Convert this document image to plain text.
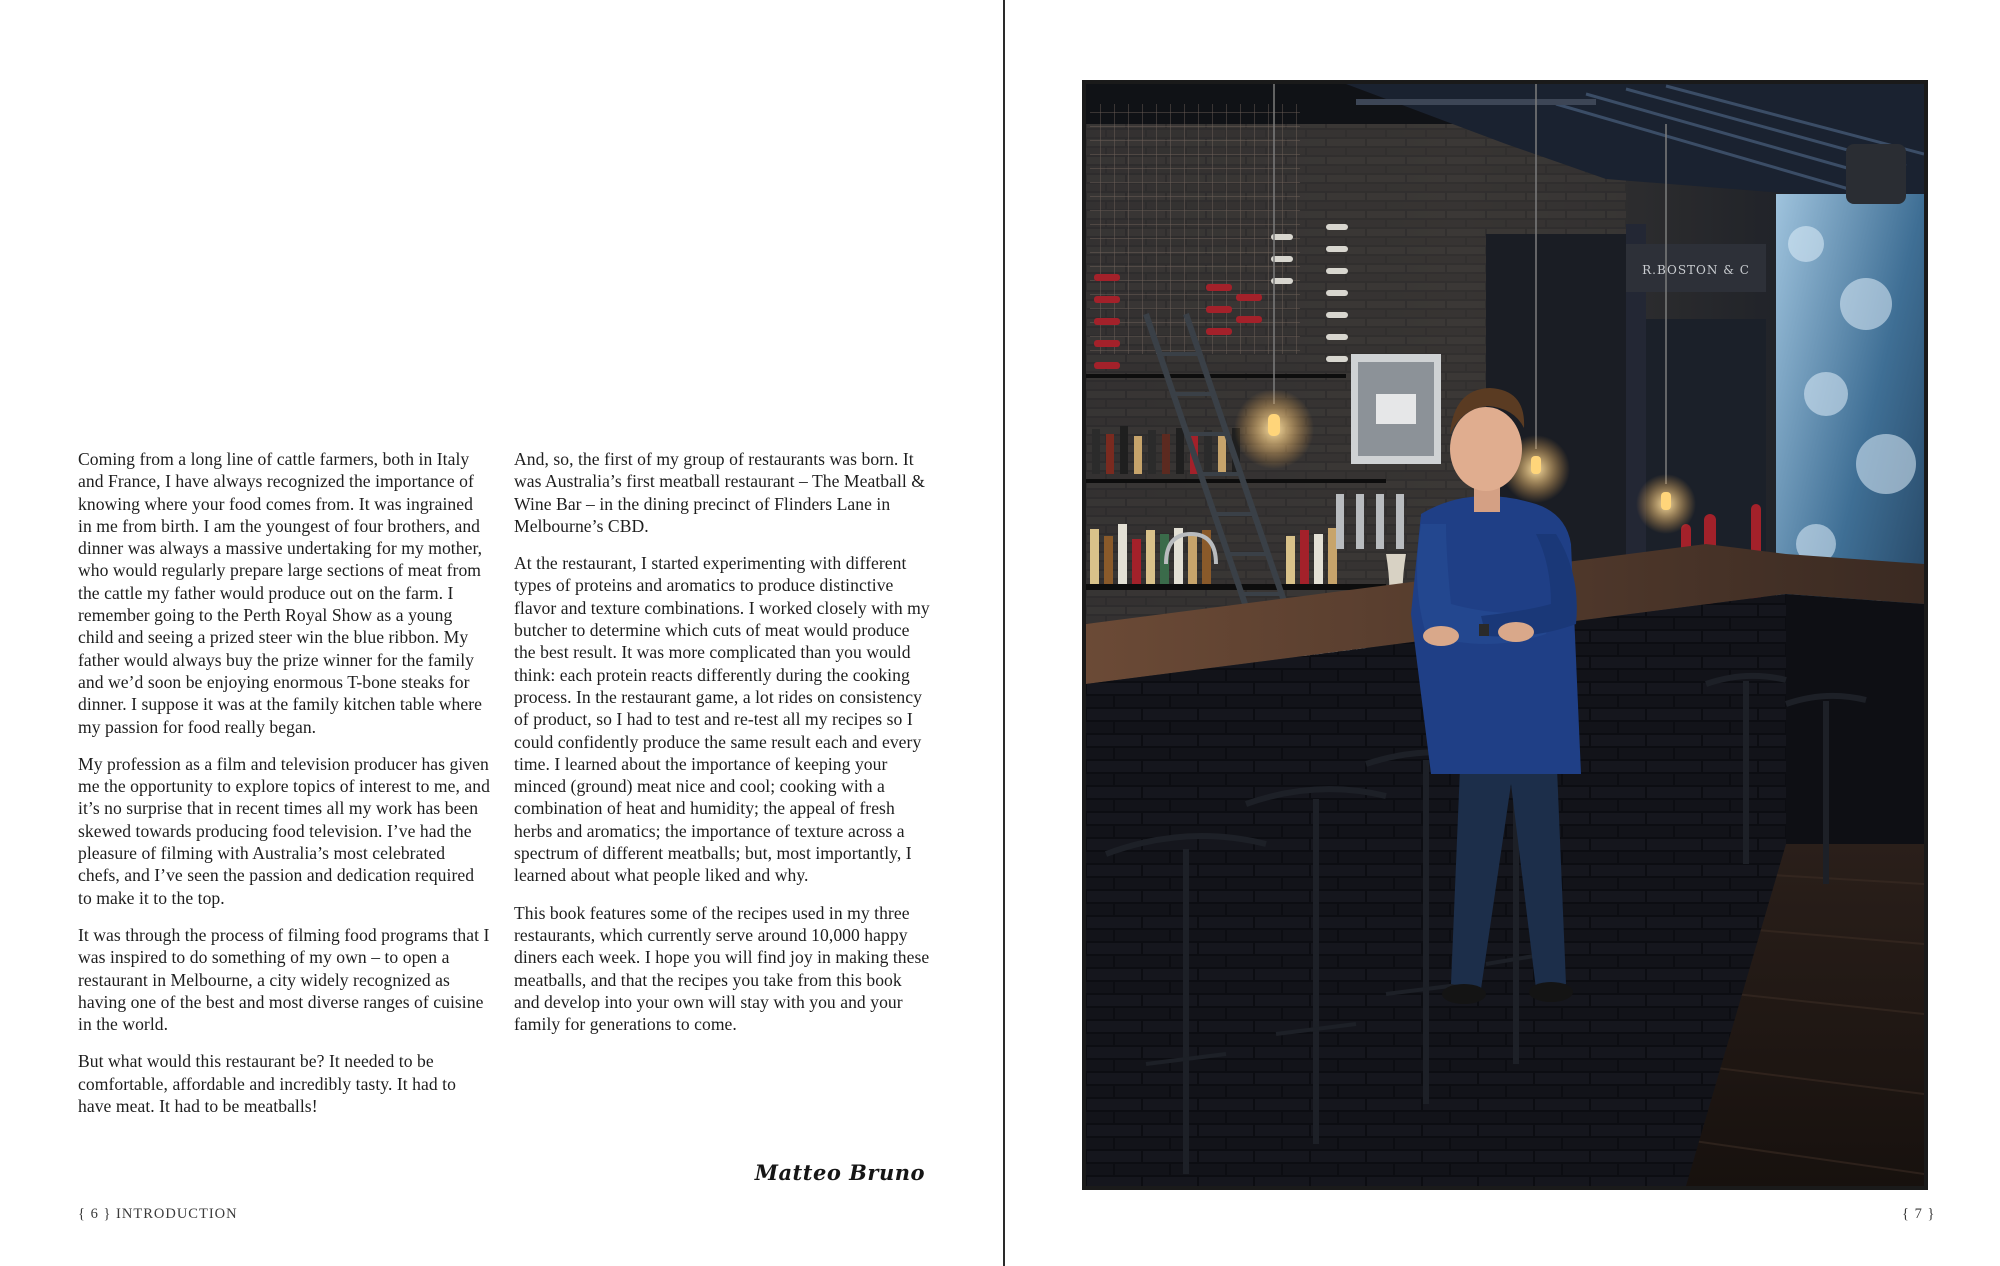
Coming from a long line of cattle farmers, both in Italy and France, I have always recognized the importance of knowing where your food comes from. It was ingrained in me from birth. I am the youngest of four brothers, and dinner was always a massive undertaking for my mother, who would regularly prepare large sections of meat from the cattle my father would produce out on the farm. I remember going to the Perth Royal Show as a young child and seeing a prized steer win the blue ribbon. My father would always buy the prize winner for the family and we’d soon be enjoying enormous T-bone steaks for dinner. I suppose it was at the family kitchen table where my passion for food really began.

My profession as a film and television producer has given me the opportunity to explore topics of interest to me, and it’s no surprise that in recent times all my work has been skewed towards producing food television. I’ve had the pleasure of filming with Australia’s most celebrated chefs, and I’ve seen the passion and dedication required to make it to the top.

It was through the process of filming food programs that I was inspired to do something of my own – to open a restaurant in Melbourne, a city widely recognized as having one of the best and most diverse ranges of cuisine in the world.

But what would this restaurant be? It needed to be comfortable, affordable and incredibly tasty. It had to have meat. It had to be meatballs!

And, so, the first of my group of restaurants was born. It was Australia’s first meatball restaurant – The Meatball & Wine Bar – in the dining precinct of Flinders Lane in Melbourne’s CBD.

At the restaurant, I started experimenting with different types of proteins and aromatics to produce distinctive flavor and texture combinations. I worked closely with my butcher to determine which cuts of meat would produce the best result. It was more complicated than you would think: each protein reacts differently during the cooking process. In the restaurant game, a lot rides on consistency of product, so I had to test and re-test all my recipes so I could confidently produce the same result each and every time. I learned about the importance of keeping your minced (ground) meat nice and cool; cooking with a combination of heat and humidity; the appeal of fresh herbs and aromatics; the importance of texture across a spectrum of different meatballs; but, most importantly, I learned about what people liked and why.

This book features some of the recipes used in my three restaurants, which currently serve around 10,000 happy diners each week. I hope you will find joy in making these meatballs, and that the recipes you take from this book and develop into your own will stay with you and your family for generations to come.

Matteo Bruno
{ 6 } INTRODUCTION
R.BOSTON & C
{ 7 }
